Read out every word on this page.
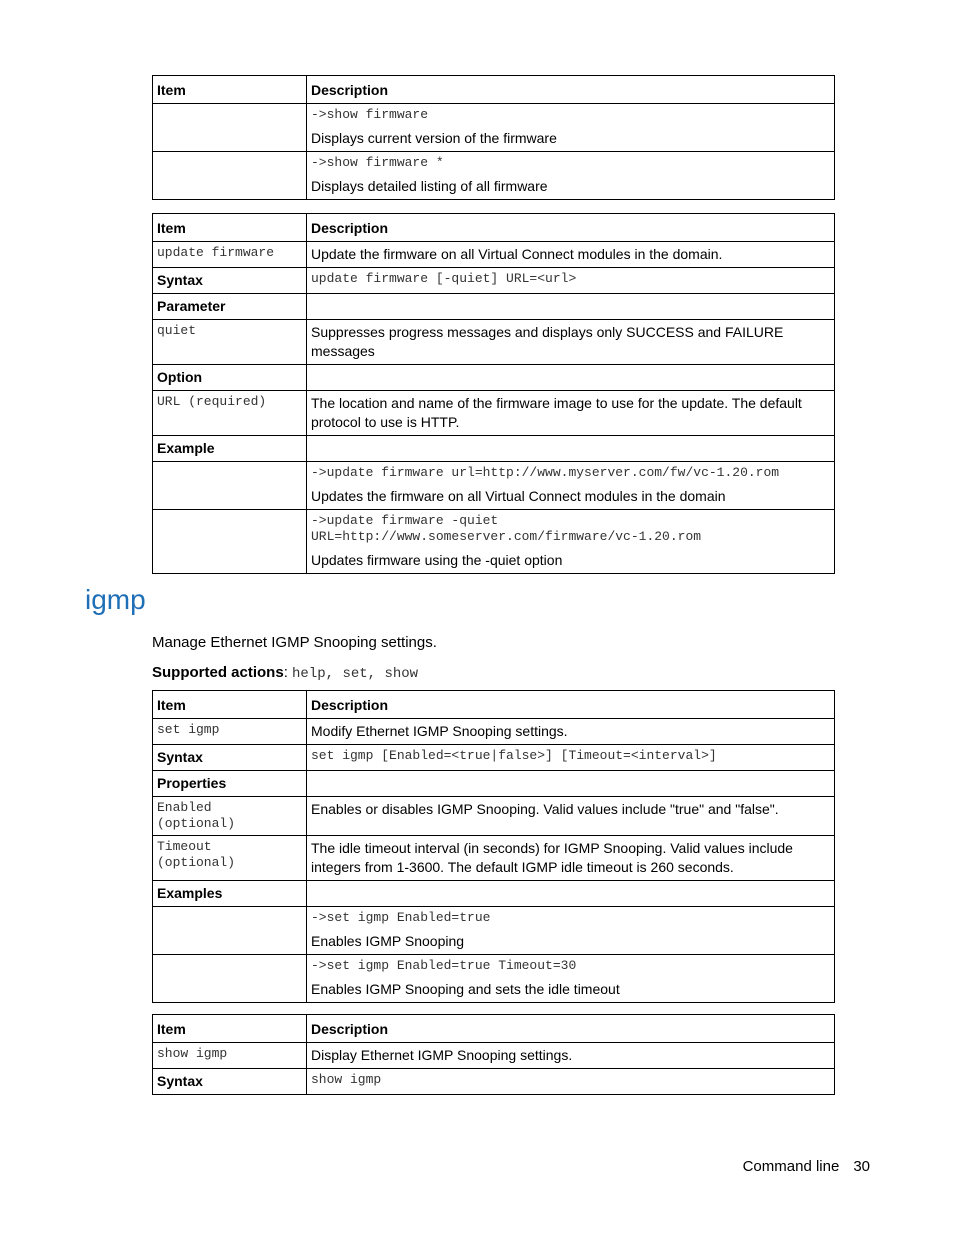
Item	Description

	->show firmware
Displays current version of the firmware

	->show firmware *
Displays detailed listing of all firmware
Item	Description
update firmware	Update the firmware on all Virtual Connect modules in the domain.
Syntax	update firmware [-quiet] URL=<url>
Parameter	
quiet	Suppresses progress messages and displays only SUCCESS and FAILURE messages
Option	
URL (required)	The location and name of the firmware image to use for the update. The default protocol to use is HTTP.
Example	

	->update firmware url=http://www.myserver.com/fw/vc-1.20.rom
Updates the firmware on all Virtual Connect modules in the domain

	->update firmware -quiet
URL=http://www.someserver.com/firmware/vc-1.20.rom
Updates firmware using the -quiet option
igmp

Manage Ethernet IGMP Snooping settings.

Supported actions: help, set, show

Item	Description
set igmp	Modify Ethernet IGMP Snooping settings.
Syntax	set igmp [Enabled=<true|false>] [Timeout=<interval>]
Properties	
Enabled
(optional)	Enables or disables IGMP Snooping. Valid values include "true" and "false".
Timeout
(optional)	The idle timeout interval (in seconds) for IGMP Snooping. Valid values include integers from 1-3600. The default IGMP idle timeout is 260 seconds.
Examples	

	->set igmp Enabled=true
Enables IGMP Snooping

	->set igmp Enabled=true Timeout=30
Enables IGMP Snooping and sets the idle timeout
Item	Description
show igmp	Display Ethernet IGMP Snooping settings.
Syntax	show igmp
Command line 30
